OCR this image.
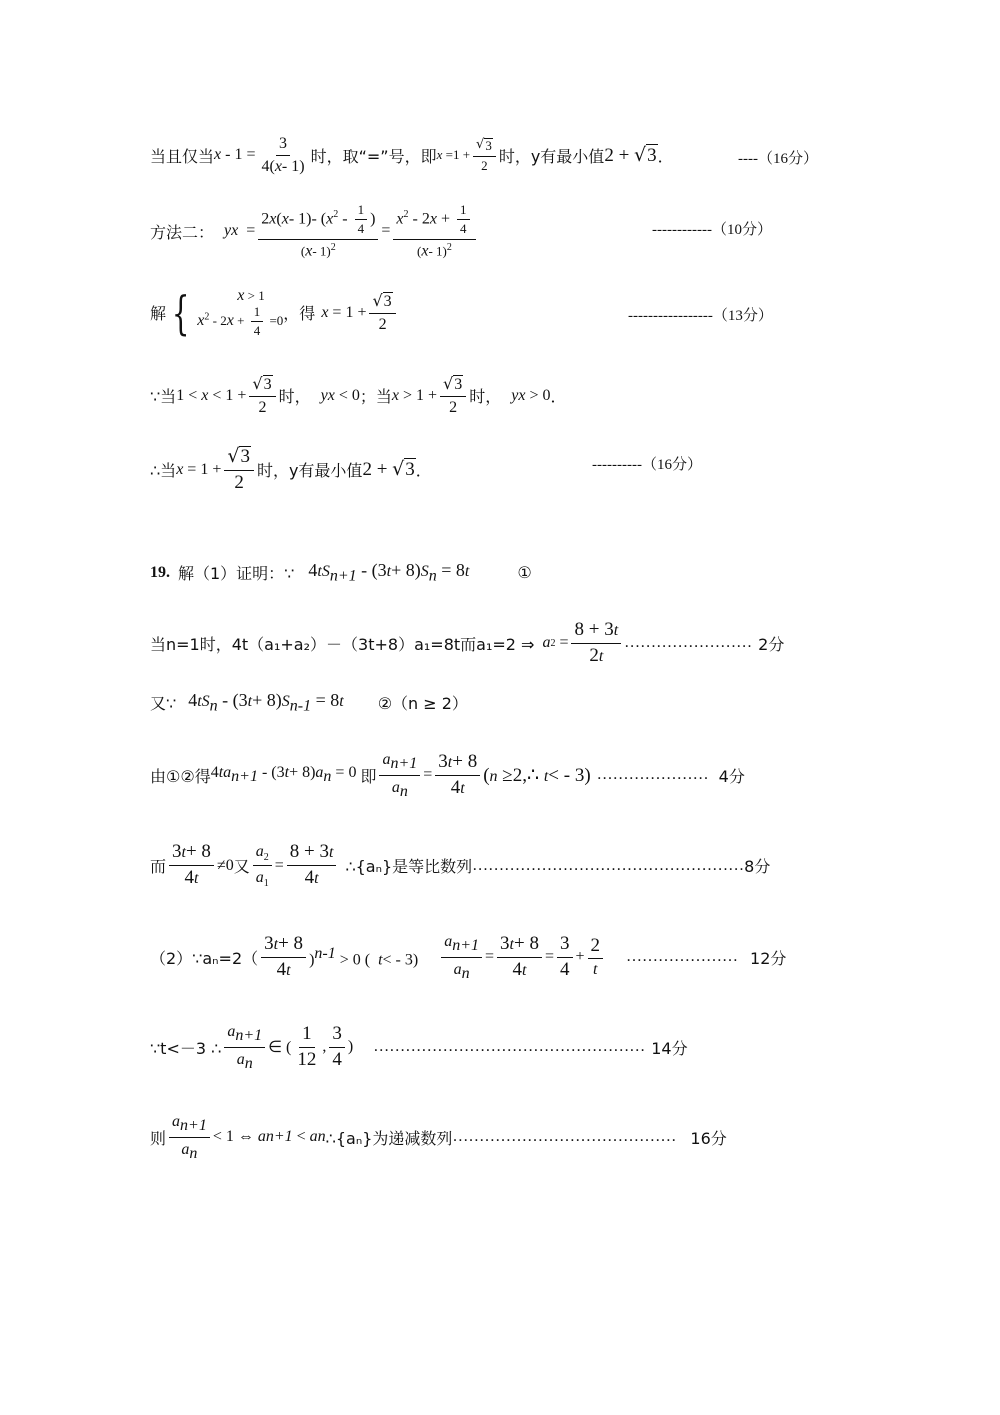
当且仅当 $x - 1 = \frac{3}{4(x- 1)}$ 时，取“=”号，即 $x =1 + \frac{√ 3}{2}$ 时，y有最小值 2 + √ 3 ．	----（16分）
方法二： y $x = \frac{2x(x- 1)- (x^2 - \frac{1}{4} )}{(x- 1)^2} = \frac{x^2 - 2x + \frac{1}{4}}{(x- 1)^2}$	------------（10分）
解 {	x > 1
$x^2 - 2x + \frac{1}{4} =0$ ，得 $x = 1 + \frac{√ 3}{2}$	-----------------（13分）
∵当 $1 < x < 1 + \frac{√ 3}{2}$ 时， y x < 0 ；当 $x > 1 + \frac{√ 3}{2}$ 时， y x > 0 ．
∴当 $x = 1 + \frac{√ 3}{2}$ 时，y有最小值 2 + √ 3 ．	----------（16分）
19. 解（1）证明：∵ $4tS_{n+1} - (3t+ 8)S_n = 8t$	①
当n=1时，4t（a₁+a₂）－（3t+8）a₁=8t而a₁=2 ⇒ a $2 = \frac{8 + 3t}{2t}$ …………………… 2分
又∵ $4tS_n - (3t+ 8)S_{n-1} = 8t$ ②（n ≥ 2）
由①②得 $4ta_{n+1} - (3t+ 8)a_n = 0$ 即 $\frac{a_{n+1}}{a_n} = \frac{3t+ 8}{4t} (n$ ≥2,∴ t< - 3) ………………… 4分
而 $\frac{3t+ 8}{4t} \ne 0$ 又 $\frac{a_2}{a_1} = \frac{8 + 3t}{4t}$ ∴{aₙ}是等比数列 …………………………………………… 8分
（2）∵aₙ=2（ $\frac{3t+ 8}{4t} )^{n-1} > 0$ (  $t< - 3) \frac{a_{n+1}}{a_n} = \frac{3t+ 8}{4t} = \frac{3}{4} + \frac{2}{t}$ ………………… 12分
∵t<－3 ∴ $\frac{a_{n+1}}{a_n}$ ∈ ( $\frac{1}{12}$ , $\frac{3}{4}$ ) …………………………………………… 14分
则 $\frac{a_{n+1}}{a_n} < 1$ ⇔ a n+1 < a n ∴{aₙ}为递减数列 …………………………………… 16分
